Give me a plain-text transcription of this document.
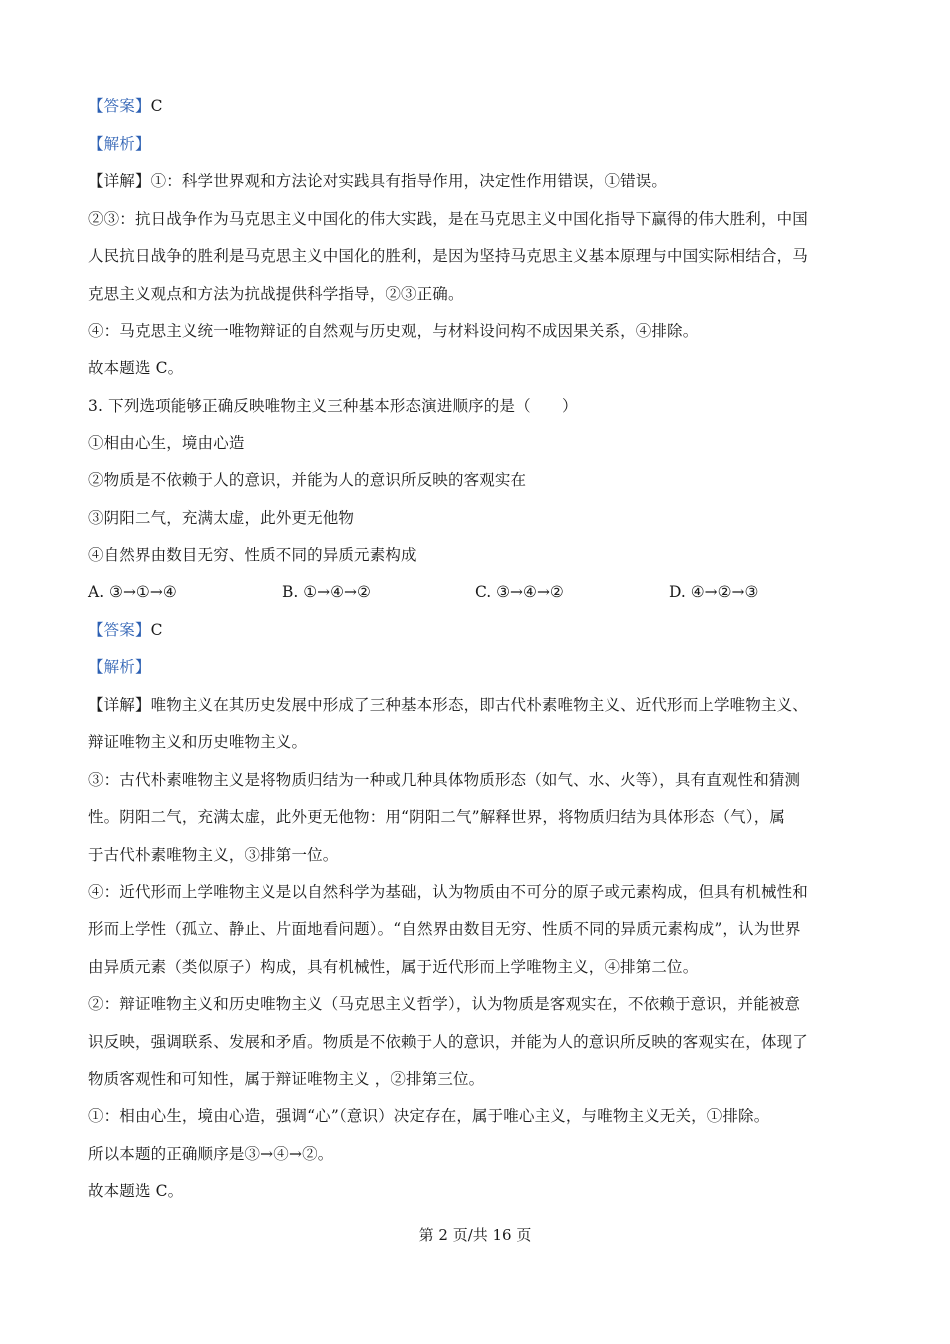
【答案】C
【解析】
【详解】①：科学世界观和方法论对实践具有指导作用，决定性作用错误，①错误。
②③：抗日战争作为马克思主义中国化的伟大实践，是在马克思主义中国化指导下赢得的伟大胜利，中国
人民抗日战争的胜利是马克思主义中国化的胜利，是因为坚持马克思主义基本原理与中国实际相结合，马
克思主义观点和方法为抗战提供科学指导，②③正确。
④：马克思主义统一唯物辩证的自然观与历史观，与材料设问构不成因果关系，④排除。
故本题选 C。
3. 下列选项能够正确反映唯物主义三种基本形态演进顺序的是（　　）
①相由心生，境由心造
②物质是不依赖于人的意识，并能为人的意识所反映的客观实在
③阴阳二气，充满太虚，此外更无他物
④自然界由数目无穷、性质不同的异质元素构成
A. ③→①→④	B. ①→④→②	C. ③→④→②	D. ④→②→③
【答案】C
【解析】
【详解】唯物主义在其历史发展中形成了三种基本形态，即古代朴素唯物主义、近代形而上学唯物主义、
辩证唯物主义和历史唯物主义。
③：古代朴素唯物主义是将物质归结为一种或几种具体物质形态（如气、水、火等），具有直观性和猜测
性。阴阳二气，充满太虚，此外更无他物：用“阴阳二气”解释世界，将物质归结为具体形态（气），属
于古代朴素唯物主义，③排第一位。
④：近代形而上学唯物主义是以自然科学为基础，认为物质由不可分的原子或元素构成，但具有机械性和
形而上学性（孤立、静止、片面地看问题）。“自然界由数目无穷、性质不同的异质元素构成”，认为世界
由异质元素（类似原子）构成，具有机械性，属于近代形而上学唯物主义，④排第二位。
②：辩证唯物主义和历史唯物主义（马克思主义哲学），认为物质是客观实在，不依赖于意识，并能被意
识反映，强调联系、发展和矛盾。物质是不依赖于人的意识，并能为人的意识所反映的客观实在，体现了
物质客观性和可知性，属于辩证唯物主义 ，②排第三位。
①：相由心生，境由心造，强调“心”（意识）决定存在，属于唯心主义，与唯物主义无关，①排除。
所以本题的正确顺序是③→④→②。
故本题选 C。
第 2 页/共 16 页
